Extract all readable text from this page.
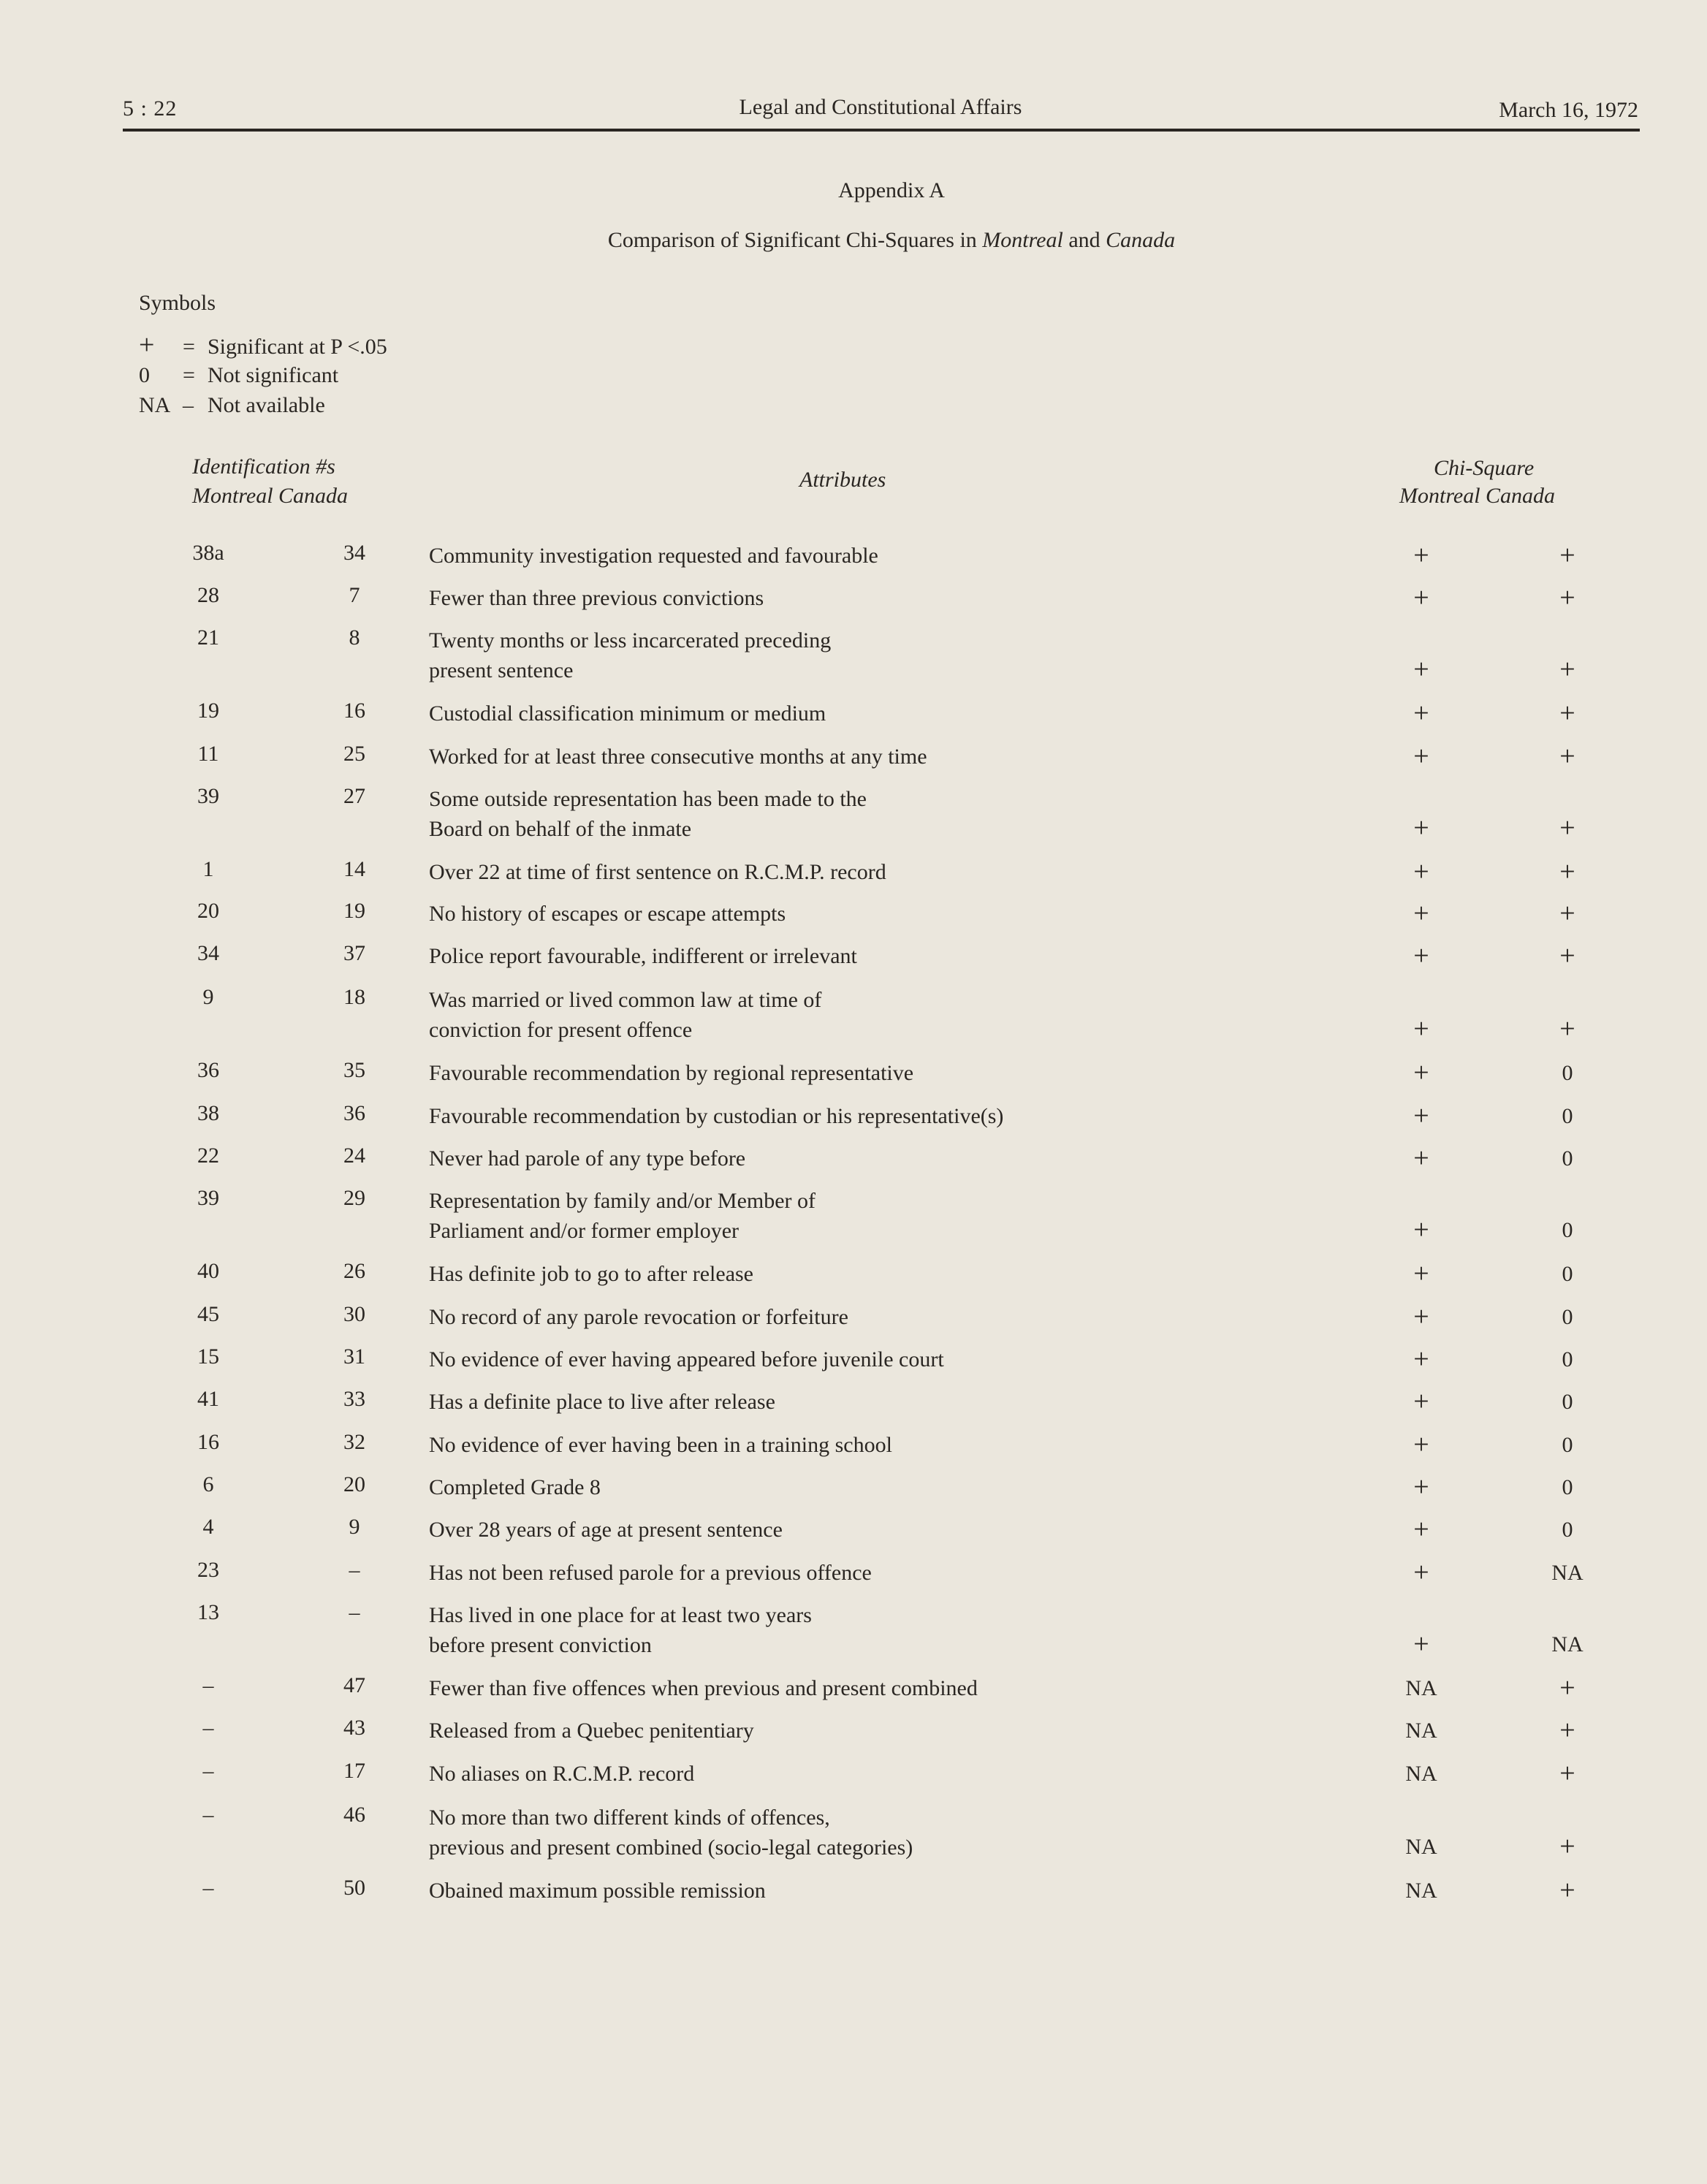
5 : 22	Legal and Constitutional Affairs	March 16, 1972
Appendix A
Comparison of Significant Chi-Squares in Montreal and Canada
Symbols
+ = Significant at P <.05
0 = Not significant
NA – Not available
Identification #s
Montreal Canada
Attributes	Chi-Square
Montreal Canada
38a	34	Community investigation requested and favourable	+	+
28	7	Fewer than three previous convictions	+	+
21	8	Twenty months or less incarcerated preceding
present sentence	+	+
19	16	Custodial classification minimum or medium	+	+
11	25	Worked for at least three consecutive months at any time	+	+
39	27	Some outside representation has been made to the
Board on behalf of the inmate	+	+
1	14	Over 22 at time of first sentence on R.C.M.P. record	+	+
20	19	No history of escapes or escape attempts	+	+
34	37	Police report favourable, indifferent or irrelevant	+	+
9	18	Was married or lived common law at time of
conviction for present offence	+	+
36	35	Favourable recommendation by regional representative	+	0
38	36	Favourable recommendation by custodian or his representative(s)	+	0
22	24	Never had parole of any type before	+	0
39	29	Representation by family and/or Member of
Parliament and/or former employer	+	0
40	26	Has definite job to go to after release	+	0
45	30	No record of any parole revocation or forfeiture	+	0
15	31	No evidence of ever having appeared before juvenile court	+	0
41	33	Has a definite place to live after release	+	0
16	32	No evidence of ever having been in a training school	+	0
6	20	Completed Grade 8	+	0
4	9	Over 28 years of age at present sentence	+	0
23	–	Has not been refused parole for a previous offence	+	NA
13	–	Has lived in one place for at least two years
before present conviction	+	NA
–	47	Fewer than five offences when previous and present combined	NA	+
–	43	Released from a Quebec penitentiary	NA	+
–	17	No aliases on R.C.M.P. record	NA	+
–	46	No more than two different kinds of offences,
previous and present combined (socio-legal categories)	NA	+
–	50	Obained maximum possible remission	NA	+
